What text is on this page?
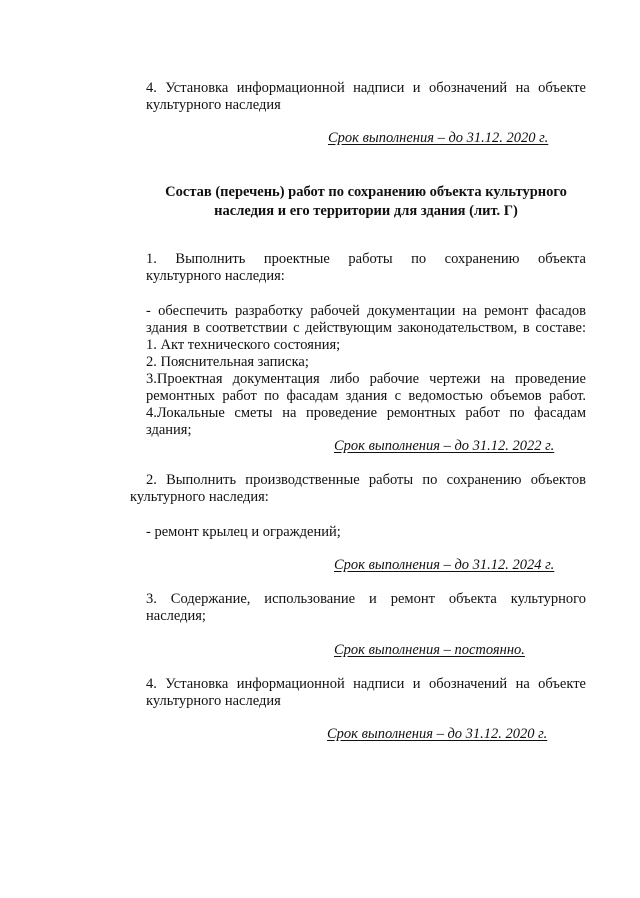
4. Установка информационной надписи и обозначений на объекте
культурного наследия
Срок выполнения – до 31.12. 2020 г.
Состав (перечень) работ по сохранению объекта культурного
наследия и его территории для здания (лит. Г)
1. Выполнить проектные работы по сохранению объекта
культурного наследия:
- обеспечить разработку рабочей документации на ремонт фасадов
здания в соответствии с действующим законодательством, в составе:
1. Акт технического состояния;
2. Пояснительная записка;
3.Проектная документация либо рабочие чертежи на проведение
ремонтных работ по фасадам здания с ведомостью объемов работ.
4.Локальные сметы на проведение ремонтных работ по фасадам
здания;
Срок выполнения – до 31.12. 2022 г.
2. Выполнить производственные работы по сохранению объектов
культурного наследия:
- ремонт крылец и ограждений;
Срок выполнения – до 31.12. 2024 г.
3. Содержание, использование и ремонт объекта культурного
наследия;
Срок выполнения – постоянно.
4. Установка информационной надписи и обозначений на объекте
культурного наследия
Срок выполнения – до 31.12. 2020 г.
